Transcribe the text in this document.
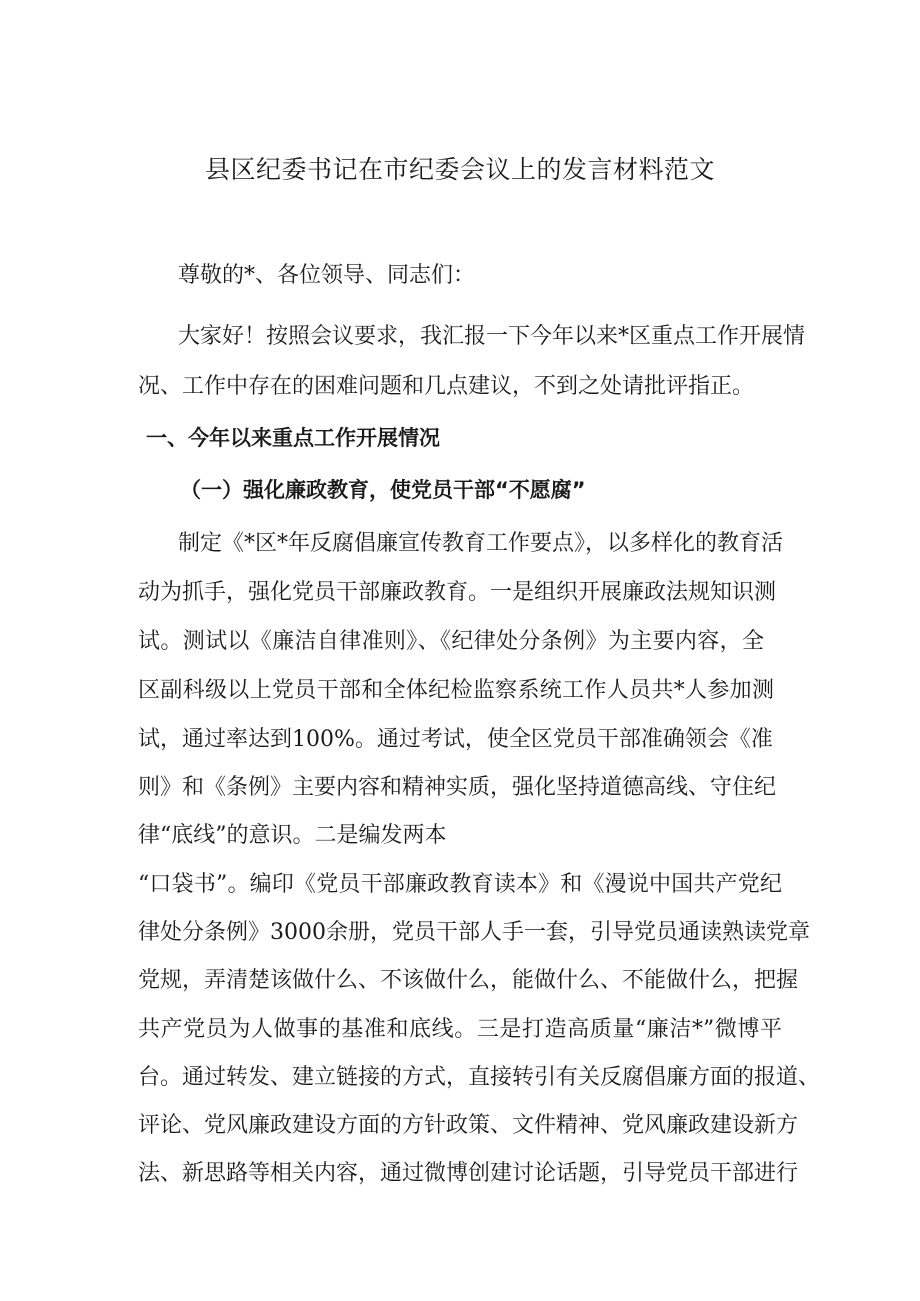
县区纪委书记在市纪委会议上的发言材料范文
尊敬的*、各位领导、同志们：
大家好！按照会议要求，我汇报一下今年以来*区重点工作开展情
况、工作中存在的困难问题和几点建议，不到之处请批评指正。
一、今年以来重点工作开展情况
（一）强化廉政教育，使党员干部“不愿腐”
制定《*区*年反腐倡廉宣传教育工作要点》，以多样化的教育活
动为抓手，强化党员干部廉政教育。一是组织开展廉政法规知识测
试。测试以《廉洁自律准则》、《纪律处分条例》为主要内容，全
区副科级以上党员干部和全体纪检监察系统工作人员共*人参加测
试，通过率达到100%。通过考试，使全区党员干部准确领会《准
则》和《条例》主要内容和精神实质，强化坚持道德高线、守住纪
律“底线”的意识。二是编发两本
“口袋书”。编印《党员干部廉政教育读本》和《漫说中国共产党纪
律处分条例》3000余册，党员干部人手一套，引导党员通读熟读党章
党规，弄清楚该做什么、不该做什么，能做什么、不能做什么，把握
共产党员为人做事的基准和底线。三是打造高质量“廉洁*”微博平
台。通过转发、建立链接的方式，直接转引有关反腐倡廉方面的报道、
评论、党风廉政建设方面的方针政策、文件精神、党风廉政建设新方
法、新思路等相关内容，通过微博创建讨论话题，引导党员干部进行
